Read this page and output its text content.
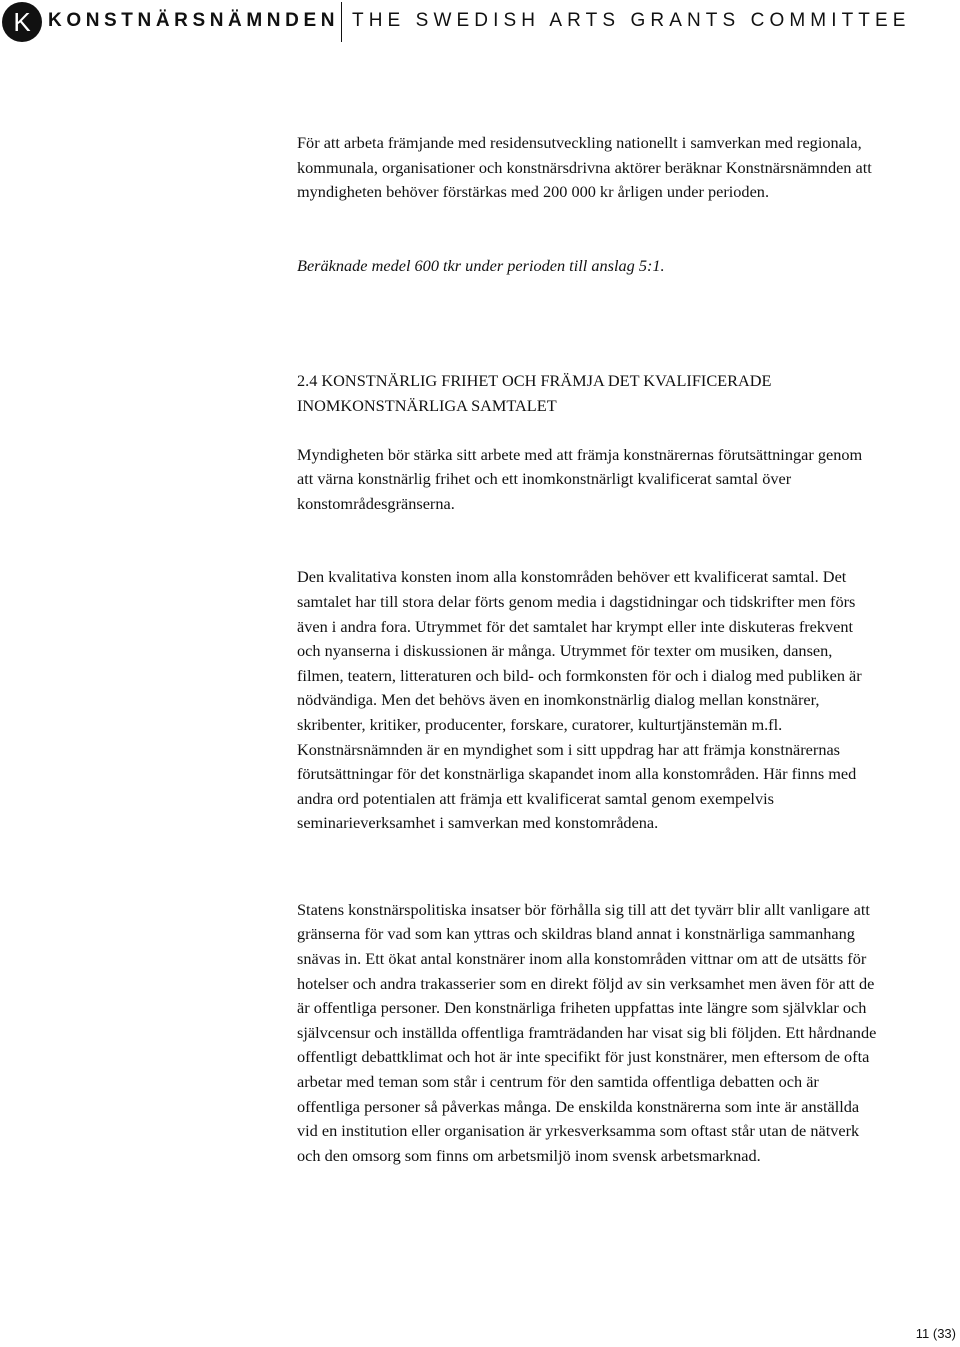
K KONSTNÄRSNÄMNDEN THE SWEDISH ARTS GRANTS COMMITTEE

För att arbeta främjande med residensutveckling nationellt i samverkan med regionala, kommunala, organisationer och konstnärsdrivna aktörer beräknar Konstnärsnämnden att myndigheten behöver förstärkas med 200 000 kr årligen under perioden.

Beräknade medel 600 tkr under perioden till anslag 5:1.

2.4 KONSTNÄRLIG FRIHET OCH FRÄMJA DET KVALIFICERADE INOMKONSTNÄRLIGA SAMTALET

Myndigheten bör stärka sitt arbete med att främja konstnärernas förutsättningar genom att värna konstnärlig frihet och ett inomkonstnärligt kvalificerat samtal över konstområdesgränserna.

Den kvalitativa konsten inom alla konstområden behöver ett kvalificerat samtal. Det samtalet har till stora delar förts genom media i dagstidningar och tidskrifter men förs även i andra fora. Utrymmet för det samtalet har krympt eller inte diskuteras frekvent och nyanserna i diskussionen är många. Utrymmet för texter om musiken, dansen, filmen, teatern, litteraturen och bild- och formkonsten för och i dialog med publiken är nödvändiga. Men det behövs även en inomkonstnärlig dialog mellan konstnärer, skribenter, kritiker, producenter, forskare, curatorer, kulturtjänstemän m.fl. Konstnärsnämnden är en myndighet som i sitt uppdrag har att främja konstnärernas förutsättningar för det konstnärliga skapandet inom alla konstområden. Här finns med andra ord potentialen att främja ett kvalificerat samtal genom exempelvis seminarieverksamhet i samverkan med konstområdena.

Statens konstnärspolitiska insatser bör förhålla sig till att det tyvärr blir allt vanligare att gränserna för vad som kan yttras och skildras bland annat i konstnärliga sammanhang snävas in. Ett ökat antal konstnärer inom alla konstområden vittnar om att de utsätts för hotelser och andra trakasserier som en direkt följd av sin verksamhet men även för att de är offentliga personer. Den konstnärliga friheten uppfattas inte längre som självklar och självcensur och inställda offentliga framträdanden har visat sig bli följden. Ett hårdnande offentligt debattklimat och hot är inte specifikt för just konstnärer, men eftersom de ofta arbetar med teman som står i centrum för den samtida offentliga debatten och är offentliga personer så påverkas många. De enskilda konstnärerna som inte är anställda vid en institution eller organisation är yrkesverksamma som oftast står utan de nätverk och den omsorg som finns om arbetsmiljö inom svensk arbetsmarknad.

11 (33)
